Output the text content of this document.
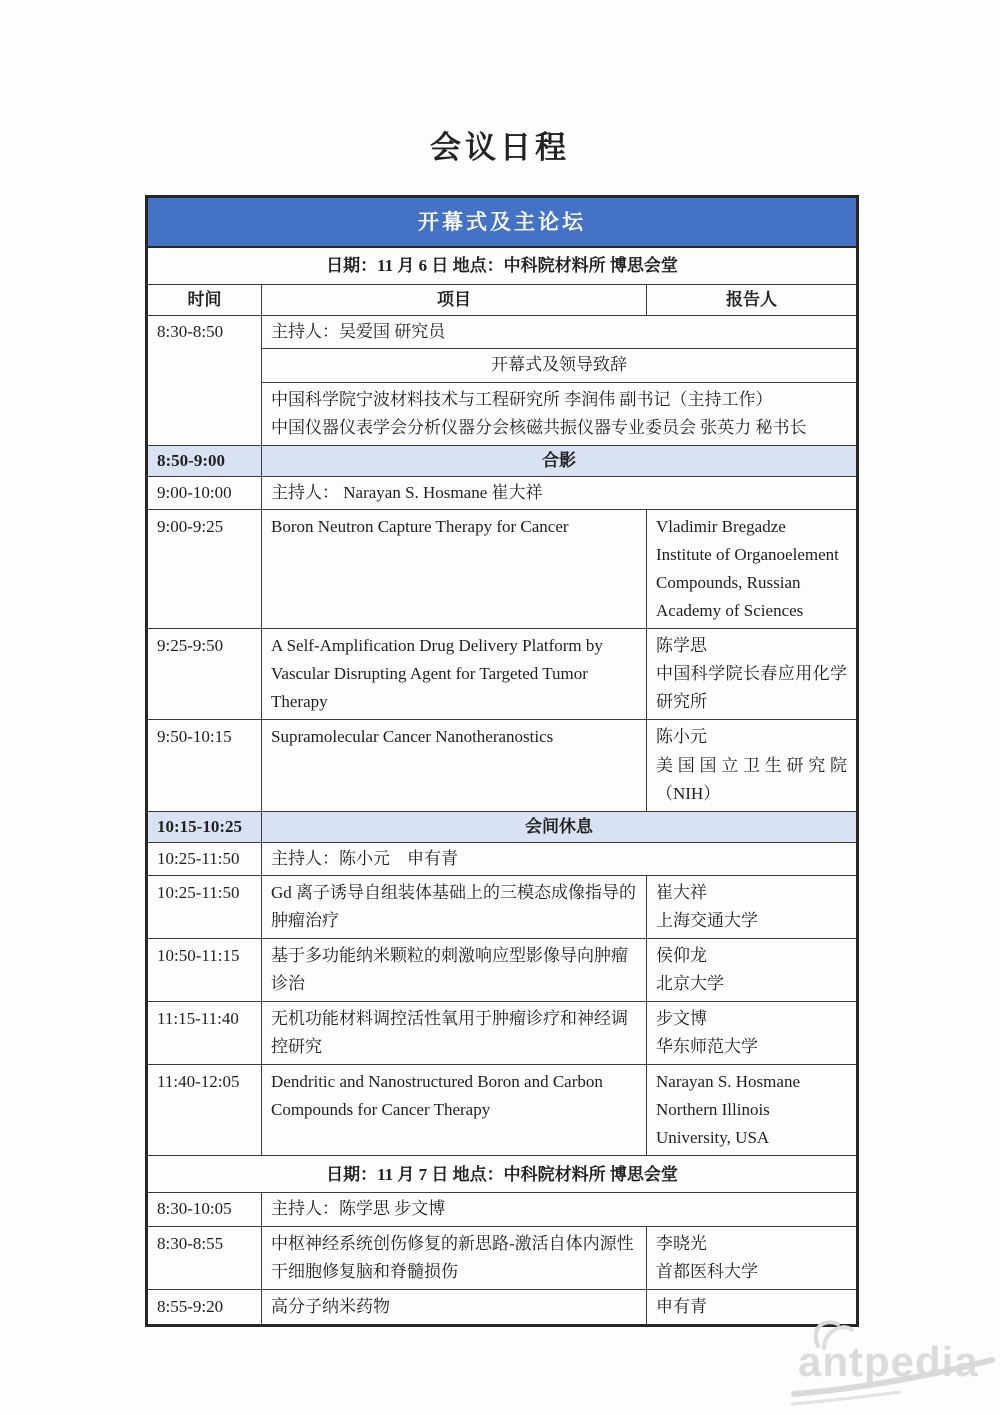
会议日程
开幕式及主论坛		
日期：11 月 6 日 地点：中科院材料所 博思会堂		
时间	项目	报告人
8:30-8:50	主持人：吴爱国 研究员	
	开幕式及领导致辞	

	中国科学院宁波材料技术与工程研究所 李润伟 副书记（主持工作）
中国仪器仪表学会分析仪器分会核磁共振仪器专业委员会 张英力 秘书长	

8:50-9:00	合影	
9:00-10:00	主持人： Narayan S. Hosmane 崔大祥	
9:00-9:25	Boron Neutron Capture Therapy for Cancer	Vladimir Bregadze
Institute of Organoelement Compounds, Russian Academy of Sciences

9:25-9:50	A Self-Amplification Drug Delivery Platform by Vascular Disrupting Agent for Targeted Tumor Therapy	陈学思
中国科学院长春应用化学研究所

9:50-10:15	Supramolecular Cancer Nanotheranostics	陈小元
美国国立卫生研究院（NIH）

10:15-10:25	会间休息	
10:25-11:50	主持人：陈小元　申有青	
10:25-11:50	Gd 离子诱导自组装体基础上的三模态成像指导的肿瘤治疗	崔大祥
上海交通大学

10:50-11:15	基于多功能纳米颗粒的刺激响应型影像导向肿瘤诊治	侯仰龙
北京大学

11:15-11:40	无机功能材料调控活性氧用于肿瘤诊疗和神经调控研究	步文博
华东师范大学

11:40-12:05	Dendritic and Nanostructured Boron and Carbon Compounds for Cancer Therapy	Narayan S. Hosmane
Northern Illinois University, USA

日期：11 月 7 日 地点：中科院材料所 博思会堂		
8:30-10:05	主持人：陈学思 步文博	
8:30-8:55	中枢神经系统创伤修复的新思路-激活自体内源性干细胞修复脑和脊髓损伤	李晓光
首都医科大学

8:55-9:20	高分子纳米药物	申有青
antpedia
